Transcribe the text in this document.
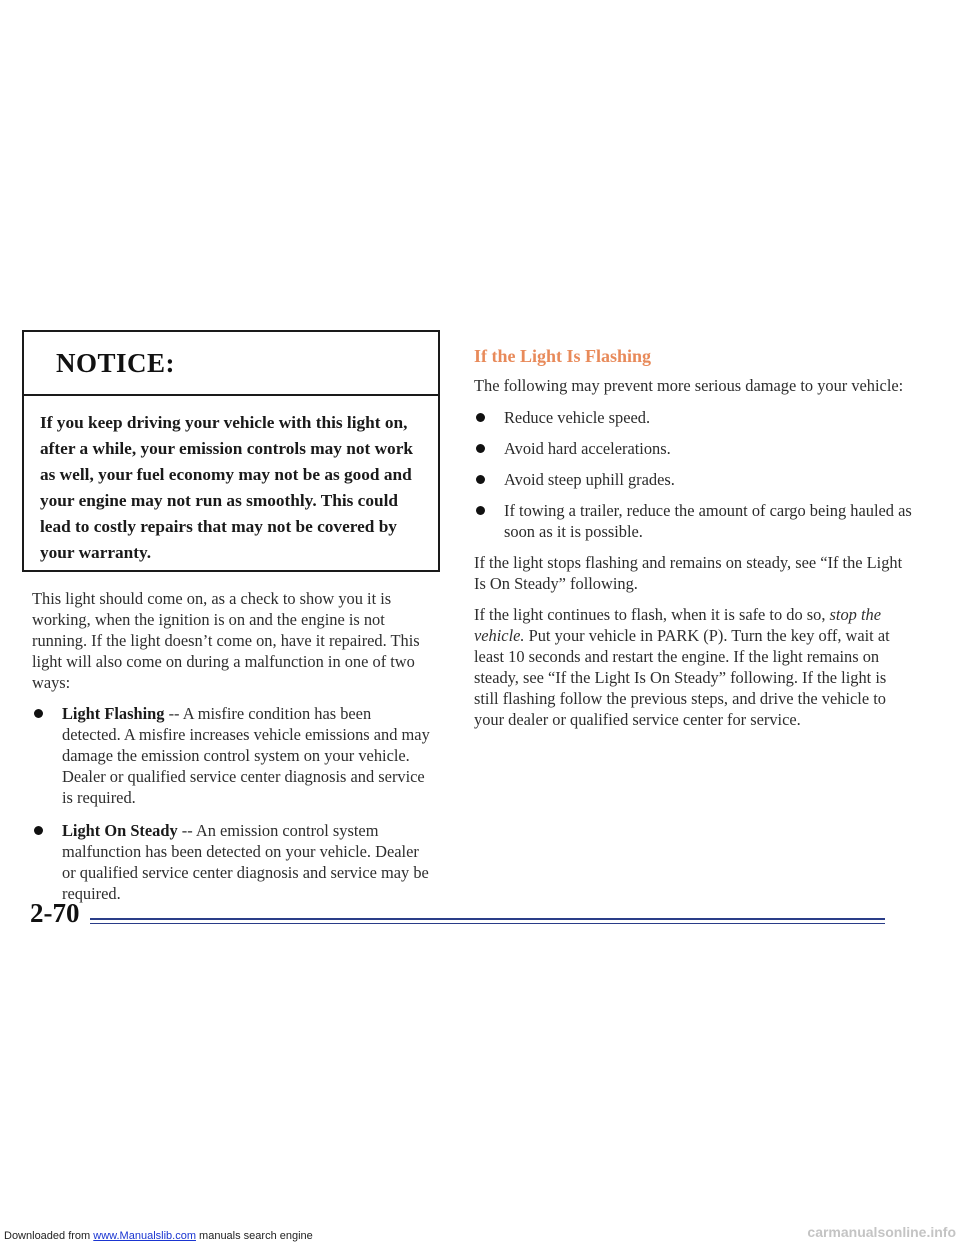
NOTICE:
If you keep driving your vehicle with this light on, after a while, your emission controls may not work as well, your fuel economy may not be as good and your engine may not run as smoothly. This could lead to costly repairs that may not be covered by your warranty.

This light should come on, as a check to show you it is working, when the ignition is on and the engine is not running. If the light doesn’t come on, have it repaired. This light will also come on during a malfunction in one of two ways:

Light Flashing -- A misfire condition has been detected. A misfire increases vehicle emissions and may damage the emission control system on your vehicle. Dealer or qualified service center diagnosis and service is required.
Light On Steady -- An emission control system malfunction has been detected on your vehicle. Dealer or qualified service center diagnosis and service may be required.
If the Light Is Flashing

The following may prevent more serious damage to your vehicle:

Reduce vehicle speed.
Avoid hard accelerations.
Avoid steep uphill grades.
If towing a trailer, reduce the amount of cargo being hauled as soon as it is possible.

If the light stops flashing and remains on steady, see “If the Light Is On Steady” following.

If the light continues to flash, when it is safe to do so, stop the vehicle. Put your vehicle in PARK (P). Turn the key off, wait at least 10 seconds and restart the engine. If the light remains on steady, see “If the Light Is On Steady” following. If the light is still flashing follow the previous steps, and drive the vehicle to your dealer or qualified service center for service.

2-70
Downloaded from www.Manualslib.com manuals search engine	carmanualsonline.info
